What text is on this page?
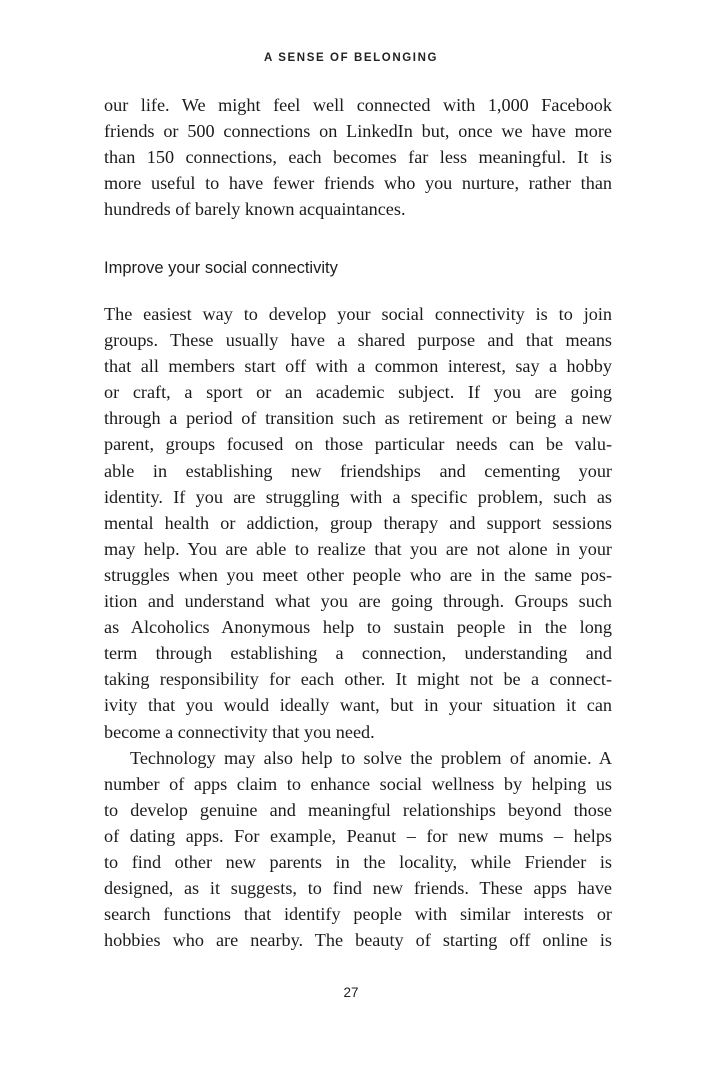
A SENSE OF BELONGING
our life. We might feel well connected with 1,000 Facebook
friends or 500 connections on LinkedIn but, once we have more
than 150 connections, each becomes far less meaningful. It is
more useful to have fewer friends who you nurture, rather than
hundreds of barely known acquaintances.
Improve your social connectivity
The easiest way to develop your social connectivity is to join
groups. These usually have a shared purpose and that means
that all members start off with a common interest, say a hobby
or craft, a sport or an academic subject. If you are going
through a period of transition such as retirement or being a new
parent, groups focused on those particular needs can be valu-
able in establishing new friendships and cementing your
identity. If you are struggling with a specific problem, such as
mental health or addiction, group therapy and support sessions
may help. You are able to realize that you are not alone in your
struggles when you meet other people who are in the same pos-
ition and understand what you are going through. Groups such
as Alcoholics Anonymous help to sustain people in the long
term through establishing a connection, understanding and
taking responsibility for each other. It might not be a connect-
ivity that you would ideally want, but in your situation it can
become a connectivity that you need.
Technology may also help to solve the problem of anomie. A
number of apps claim to enhance social wellness by helping us
to develop genuine and meaningful relationships beyond those
of dating apps. For example, Peanut – for new mums – helps
to find other new parents in the locality, while Friender is
designed, as it suggests, to find new friends. These apps have
search functions that identify people with similar interests or
hobbies who are nearby. The beauty of starting off online is
27
